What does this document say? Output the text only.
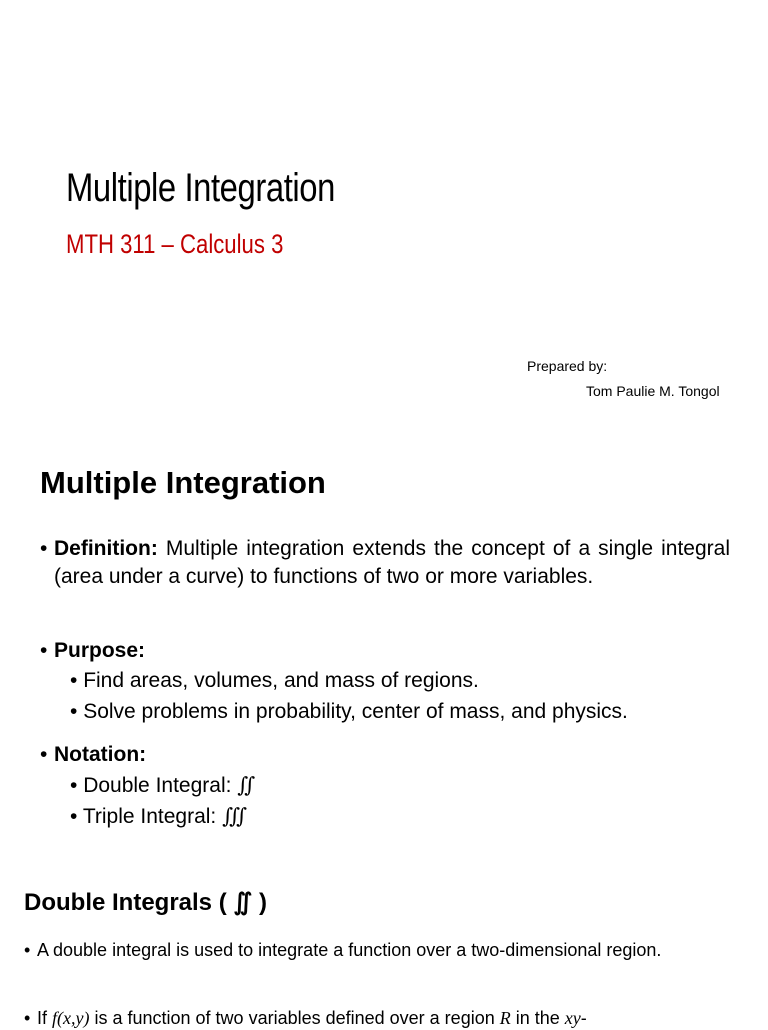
Multiple Integration
MTH 311 – Calculus 3
Prepared by:
Tom Paulie M. Tongol
Multiple Integration
• Definition: Multiple integration extends the concept of a single integral (area under a curve) to functions of two or more variables.
• Purpose:
• Find areas, volumes, and mass of regions.
• Solve problems in probability, center of mass, and physics.
• Notation:
• Double Integral: ∬
• Triple Integral: ∭
Double Integrals ( ∬ )
• A double integral is used to integrate a function over a two-dimensional region.
• If f(x,y) is a function of two variables defined over a region R in the xy-
